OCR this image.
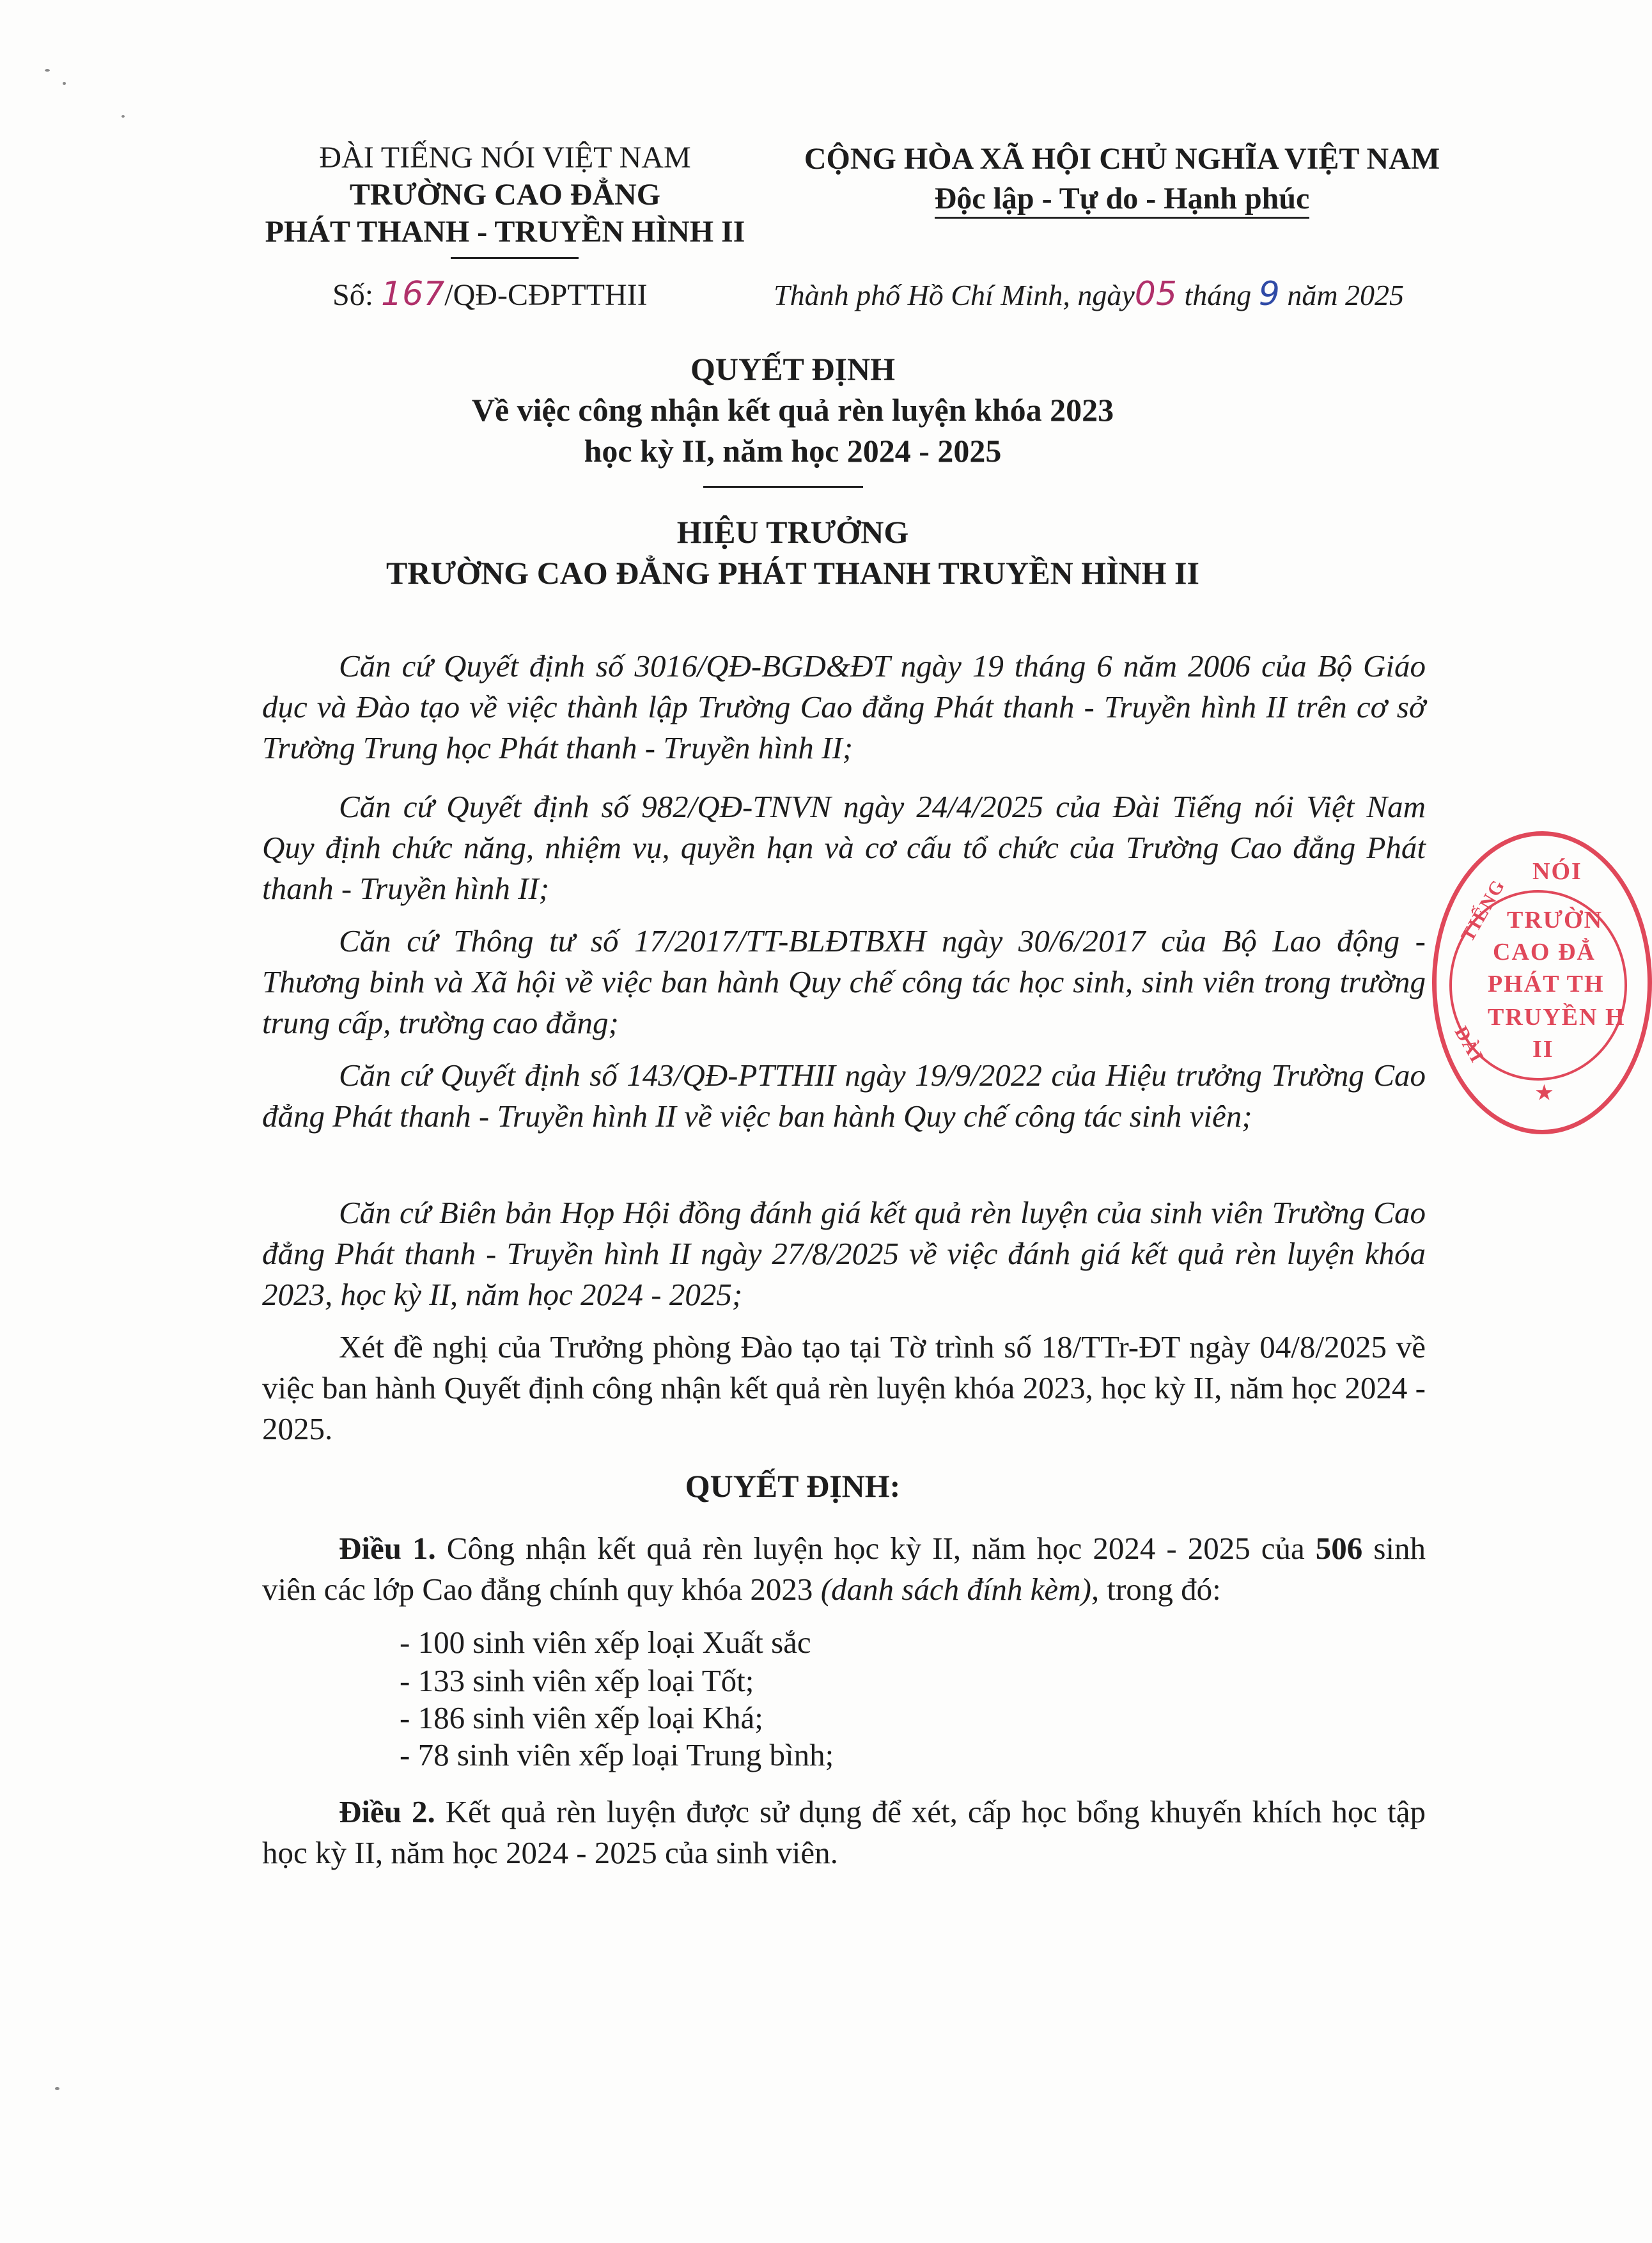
ĐÀI TIẾNG NÓI VIỆT NAM
TRƯỜNG CAO ĐẲNG
PHÁT THANH - TRUYỀN HÌNH II
CỘNG HÒA XÃ HỘI CHỦ NGHĨA VIỆT NAM
Độc lập - Tự do - Hạnh phúc
Số: 167/QĐ-CĐPTTHII	Thành phố Hồ Chí Minh, ngày05 tháng 9 năm 2025
QUYẾT ĐỊNH
Về việc công nhận kết quả rèn luyện khóa 2023
học kỳ II, năm học 2024 - 2025
HIỆU TRƯỞNG
TRƯỜNG CAO ĐẲNG PHÁT THANH TRUYỀN HÌNH II
Căn cứ Quyết định số 3016/QĐ-BGD&ĐT ngày 19 tháng 6 năm 2006 của Bộ Giáo dục và Đào tạo về việc thành lập Trường Cao đẳng Phát thanh - Truyền hình II trên cơ sở Trường Trung học Phát thanh - Truyền hình II;
Căn cứ Quyết định số 982/QĐ-TNVN ngày 24/4/2025 của Đài Tiếng nói Việt Nam Quy định chức năng, nhiệm vụ, quyền hạn và cơ cấu tổ chức của Trường Cao đẳng Phát thanh - Truyền hình II;
Căn cứ Thông tư số 17/2017/TT-BLĐTBXH ngày 30/6/2017 của Bộ Lao động - Thương binh và Xã hội về việc ban hành Quy chế công tác học sinh, sinh viên trong trường trung cấp, trường cao đẳng;
Căn cứ Quyết định số 143/QĐ-PTTHII ngày 19/9/2022 của Hiệu trưởng Trường Cao đẳng Phát thanh - Truyền hình II về việc ban hành Quy chế công tác sinh viên;
Căn cứ Biên bản Họp Hội đồng đánh giá kết quả rèn luyện của sinh viên Trường Cao đẳng Phát thanh - Truyền hình II ngày 27/8/2025 về việc đánh giá kết quả rèn luyện khóa 2023, học kỳ II, năm học 2024 - 2025;
Xét đề nghị của Trưởng phòng Đào tạo tại Tờ trình số 18/TTr-ĐT ngày 04/8/2025 về việc ban hành Quyết định công nhận kết quả rèn luyện khóa 2023, học kỳ II, năm học 2024 - 2025.
QUYẾT ĐỊNH:
Điều 1. Công nhận kết quả rèn luyện học kỳ II, năm học 2024 - 2025 của 506 sinh viên các lớp Cao đẳng chính quy khóa 2023 (danh sách đính kèm), trong đó:
- 100 sinh viên xếp loại Xuất sắc
- 133 sinh viên xếp loại Tốt;
- 186 sinh viên xếp loại Khá;
- 78 sinh viên xếp loại Trung bình;
Điều 2. Kết quả rèn luyện được sử dụng để xét, cấp học bổng khuyến khích học tập học kỳ II, năm học 2024 - 2025 của sinh viên.
NÓI
TIẾNG
TRƯỜN
CAO ĐẲ
PHÁT TH
TRUYỀN H
II
ĐÀI
★
